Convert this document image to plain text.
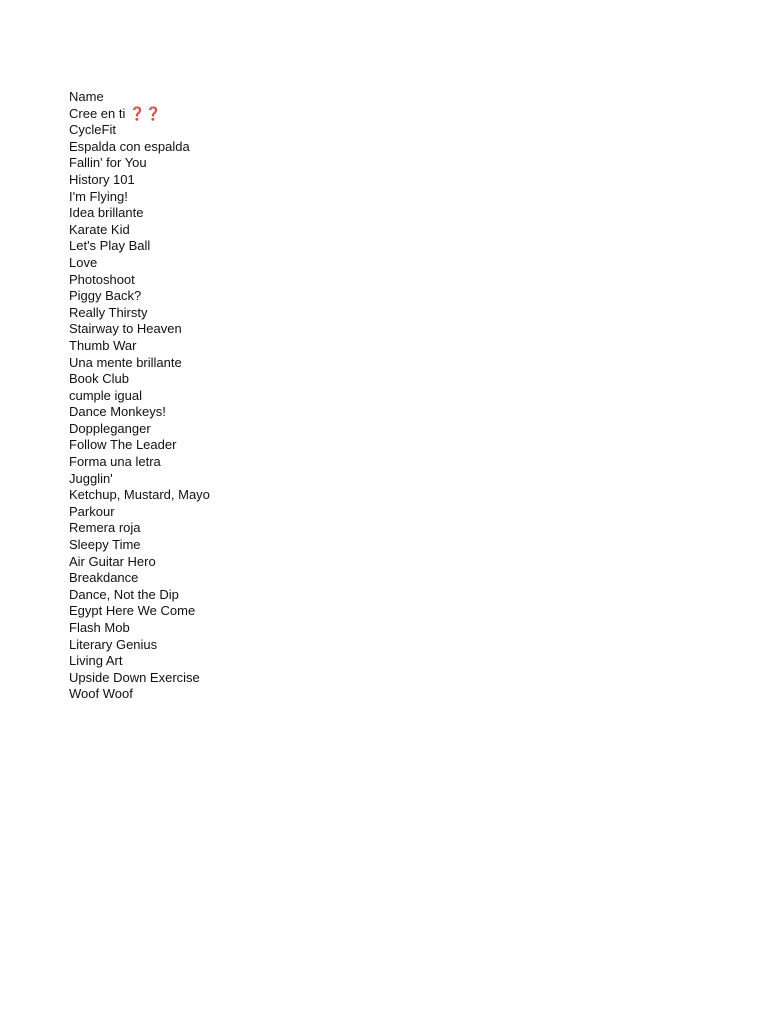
Name
Cree en ti ❓❓
CycleFit
Espalda con espalda
Fallin' for You
History 101
I'm Flying!
Idea brillante
Karate Kid
Let's Play Ball
Love
Photoshoot
Piggy Back?
Really Thirsty
Stairway to Heaven
Thumb War
Una mente brillante
Book Club
cumple igual
Dance Monkeys!
Doppleganger
Follow The Leader
Forma una letra
Jugglin'
Ketchup, Mustard, Mayo
Parkour
Remera roja
Sleepy Time
Air Guitar Hero
Breakdance
Dance, Not the Dip
Egypt Here We Come
Flash Mob
Literary Genius
Living Art
Upside Down Exercise
Woof Woof
